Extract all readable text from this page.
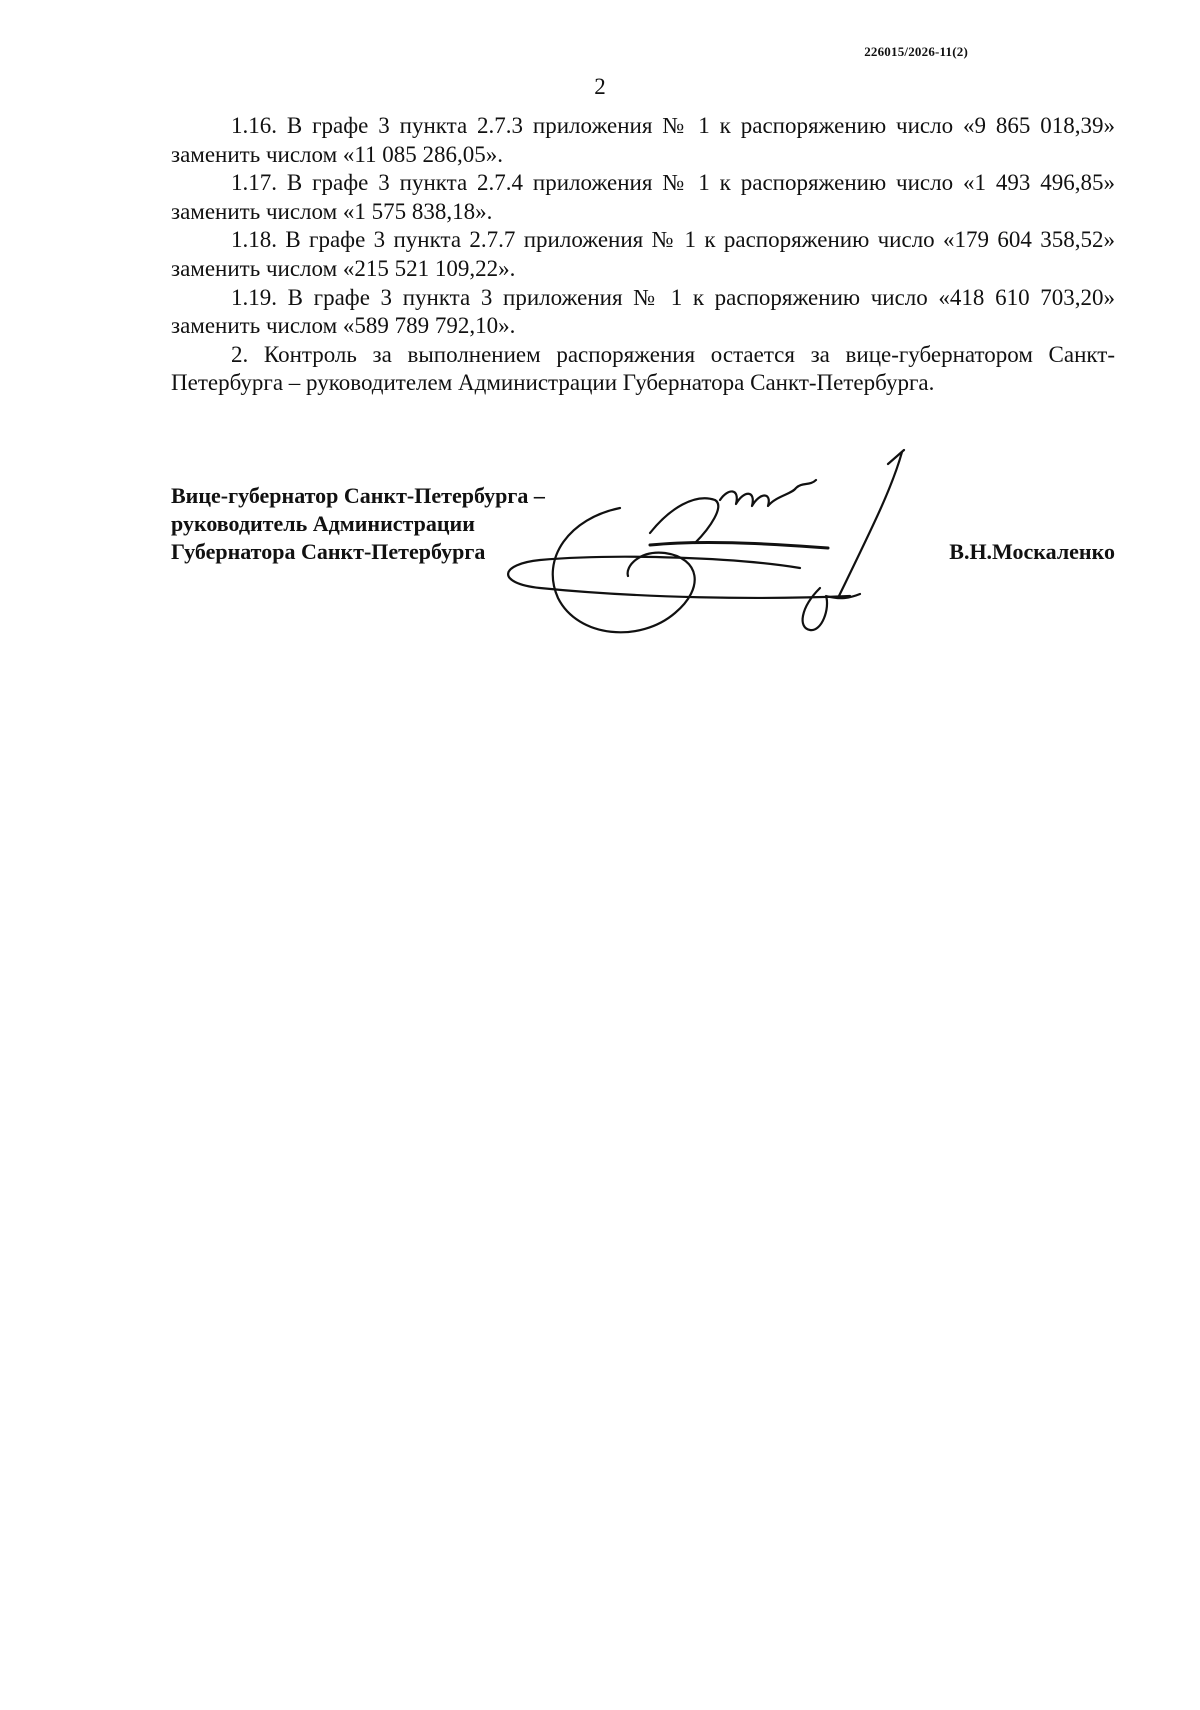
226015/2026-11(2)
2

1.16. В графе 3 пункта 2.7.3 приложения № 1 к распоряжению число «9 865 018,39» заменить числом «11 085 286,05».

1.17. В графе 3 пункта 2.7.4 приложения № 1 к распоряжению число «1 493 496,85» заменить числом «1 575 838,18».

1.18. В графе 3 пункта 2.7.7 приложения № 1 к распоряжению число «179 604 358,52» заменить числом «215 521 109,22».

1.19. В графе 3 пункта 3 приложения № 1 к распоряжению число «418 610 703,20» заменить числом «589 789 792,10».

2. Контроль за выполнением распоряжения остается за вице-губернатором Санкт-Петербурга – руководителем Администрации Губернатора Санкт-Петербурга.

Вице-губернатор Санкт-Петербурга –
руководитель Администрации
Губернатора Санкт-Петербурга	В.Н.Москаленко
